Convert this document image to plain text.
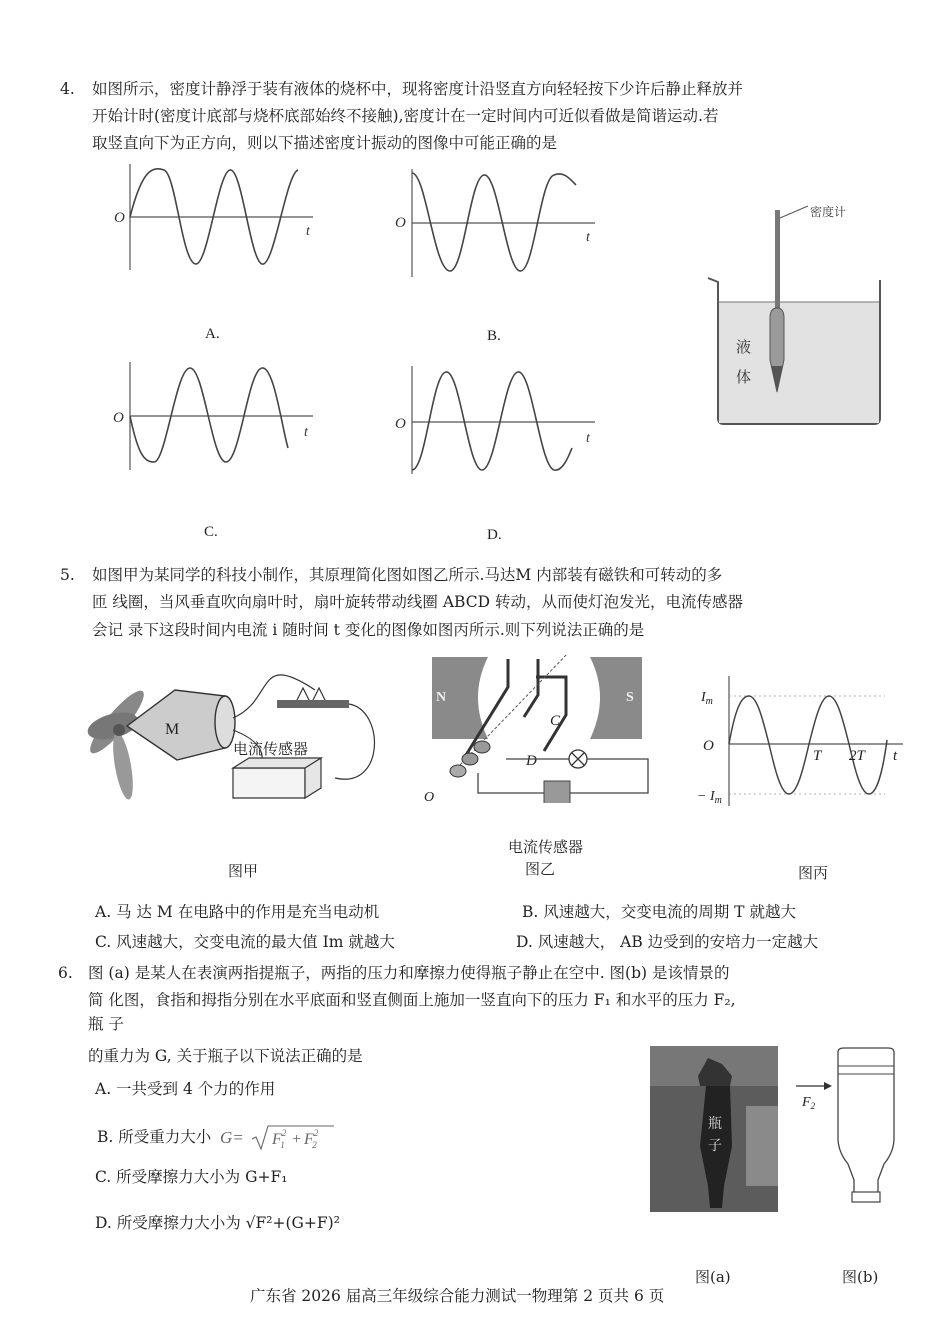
4. 如图所示，密度计静浮于装有液体的烧杯中，现将密度计沿竖直方向轻轻按下少许后静止释放并
开始计时(密度计底部与烧杯底部始终不接触),密度计在一定时间内可近似看做是简谐运动.若
取竖直向下为正方向，则以下描述密度计振动的图像中可能正确的是
O
t
A.
O
t
B.
O
t
C.
O
t
D.
密度计
液
体
5. 如图甲为某同学的科技小制作，其原理简化图如图乙所示.马达M 内部装有磁铁和可转动的多
匝 线圈，当风垂直吹向扇叶时，扇叶旋转带动线圈 ABCD 转动，从而使灯泡发光，电流传感器
会记 录下这段时间内电流 i 随时间 t 变化的图像如图丙所示.则下列说法正确的是
M
电流传感器
图甲
N	S
C
D
O
电流传感器
图乙
$I_m$
− $I_m$
O
T 2T t
图丙
A. 马 达 M 在电路中的作用是充当电动机	B. 风速越大，交变电流的周期 T 就越大
C. 风速越大，交变电流的最大值 Im 就越大	D. 风速越大， AB 边受到的安培力一定越大
6. 图 (a) 是某人在表演两指提瓶子，两指的压力和摩擦力使得瓶子静止在空中. 图(b) 是该情景的
简 化图，食指和拇指分别在水平底面和竖直侧面上施加一竖直向下的压力 F₁ 和水平的压力 F₂,
瓶 子
的重力为 G, 关于瓶子以下说法正确的是
A. 一共受到 4 个力的作用
B. 所受重力大小 $G= F^2$ $1 + F^2$ 2
C. 所受摩擦力大小为 G+F₁
D. 所受摩擦力大小为 √F²+(G+F)²
瓶
子
$F_2$
图(a)	图(b)
广东省 2026 届高三年级综合能力测试一物理第 2 页共 6 页
